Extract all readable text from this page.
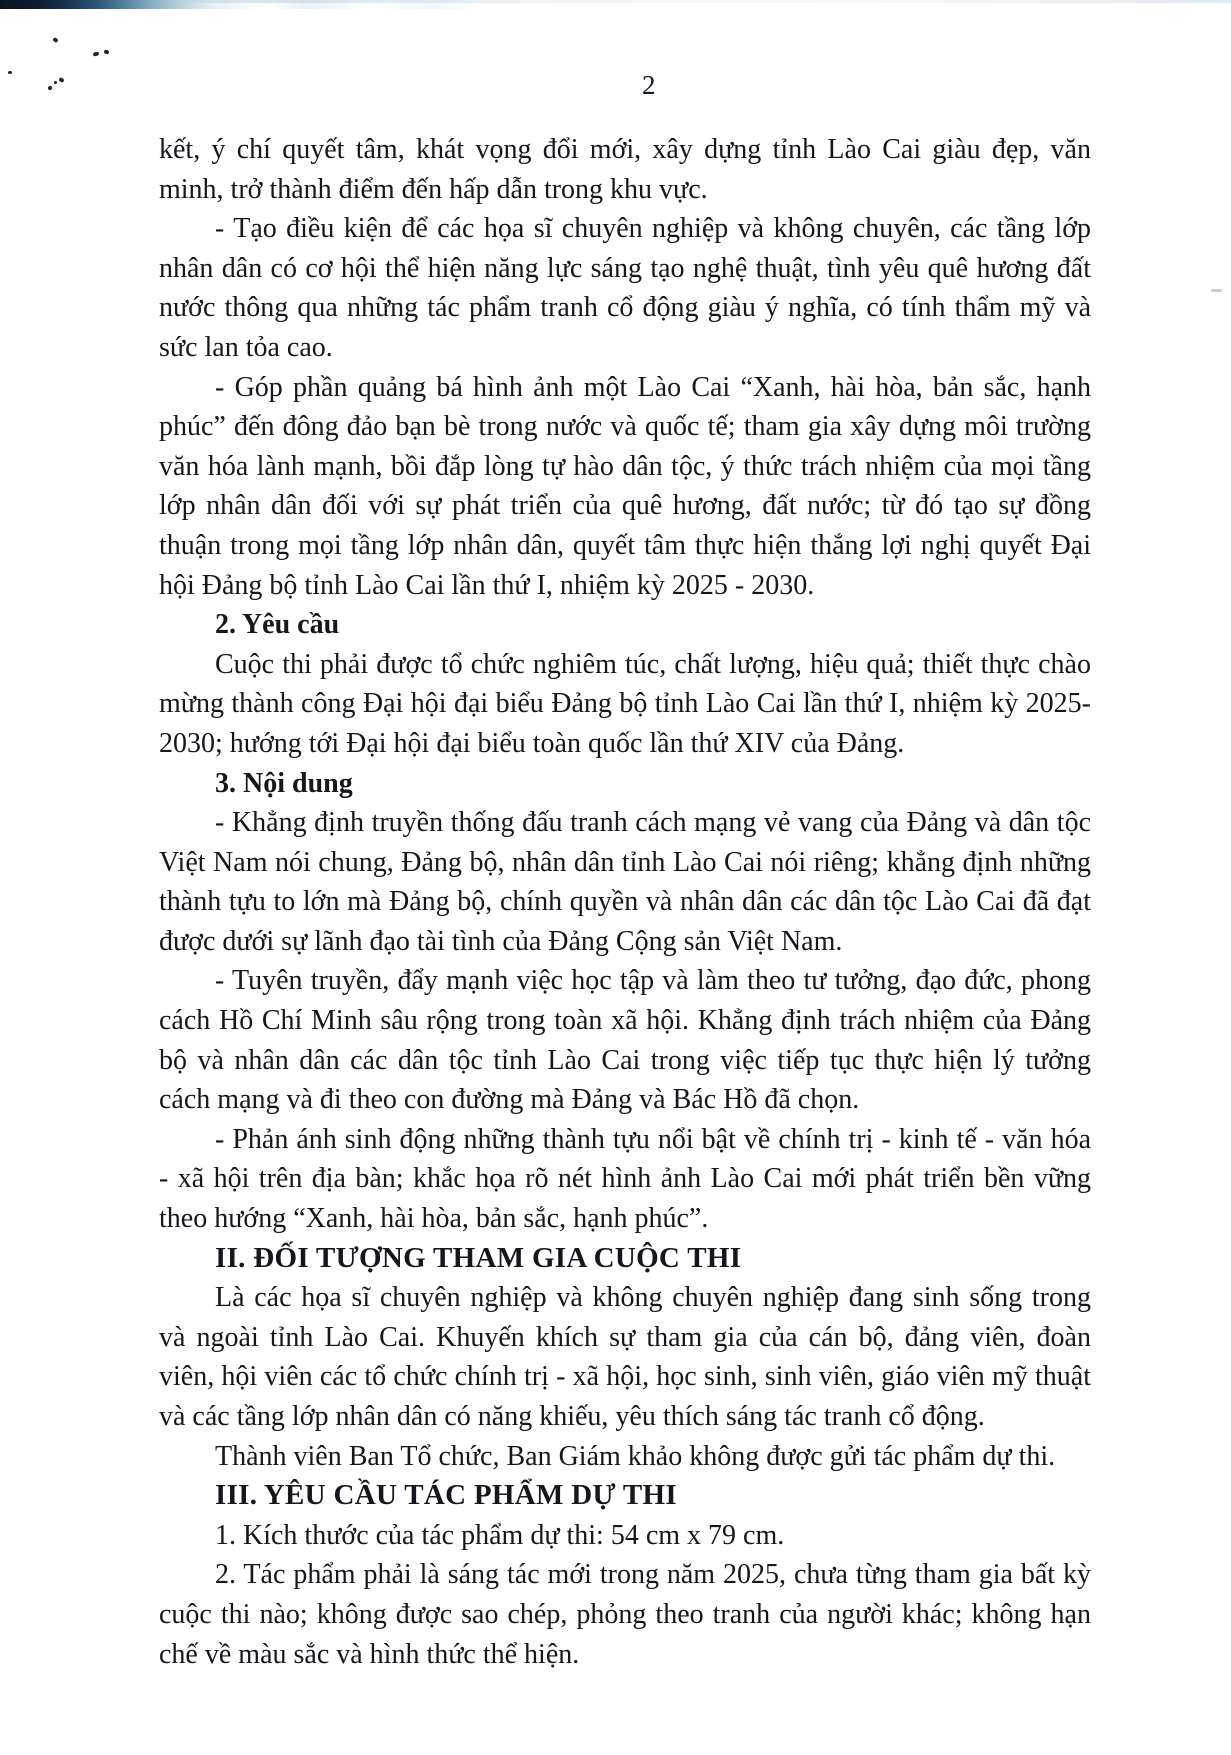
2
kết, ý chí quyết tâm, khát vọng đổi mới, xây dựng tỉnh Lào Cai giàu đẹp, văn
minh, trở thành điểm đến hấp dẫn trong khu vực.
- Tạo điều kiện để các họa sĩ chuyên nghiệp và không chuyên, các tầng lớp
nhân dân có cơ hội thể hiện năng lực sáng tạo nghệ thuật, tình yêu quê hương đất
nước thông qua những tác phẩm tranh cổ động giàu ý nghĩa, có tính thẩm mỹ và
sức lan tỏa cao.
- Góp phần quảng bá hình ảnh một Lào Cai “Xanh, hài hòa, bản sắc, hạnh
phúc” đến đông đảo bạn bè trong nước và quốc tế; tham gia xây dựng môi trường
văn hóa lành mạnh, bồi đắp lòng tự hào dân tộc, ý thức trách nhiệm của mọi tầng
lớp nhân dân đối với sự phát triển của quê hương, đất nước; từ đó tạo sự đồng
thuận trong mọi tầng lớp nhân dân, quyết tâm thực hiện thắng lợi nghị quyết Đại
hội Đảng bộ tỉnh Lào Cai lần thứ I, nhiệm kỳ 2025 - 2030.
2. Yêu cầu
Cuộc thi phải được tổ chức nghiêm túc, chất lượng, hiệu quả; thiết thực chào
mừng thành công Đại hội đại biểu Đảng bộ tỉnh Lào Cai lần thứ I, nhiệm kỳ 2025-
2030; hướng tới Đại hội đại biểu toàn quốc lần thứ XIV của Đảng.
3. Nội dung
- Khẳng định truyền thống đấu tranh cách mạng vẻ vang của Đảng và dân tộc
Việt Nam nói chung, Đảng bộ, nhân dân tỉnh Lào Cai nói riêng; khẳng định những
thành tựu to lớn mà Đảng bộ, chính quyền và nhân dân các dân tộc Lào Cai đã đạt
được dưới sự lãnh đạo tài tình của Đảng Cộng sản Việt Nam.
- Tuyên truyền, đẩy mạnh việc học tập và làm theo tư tưởng, đạo đức, phong
cách Hồ Chí Minh sâu rộng trong toàn xã hội. Khẳng định trách nhiệm của Đảng
bộ và nhân dân các dân tộc tỉnh Lào Cai trong việc tiếp tục thực hiện lý tưởng
cách mạng và đi theo con đường mà Đảng và Bác Hồ đã chọn.
- Phản ánh sinh động những thành tựu nổi bật về chính trị - kinh tế - văn hóa
- xã hội trên địa bàn; khắc họa rõ nét hình ảnh Lào Cai mới phát triển bền vững
theo hướng “Xanh, hài hòa, bản sắc, hạnh phúc”.
II. ĐỐI TƯỢNG THAM GIA CUỘC THI
Là các họa sĩ chuyên nghiệp và không chuyên nghiệp đang sinh sống trong
và ngoài tỉnh Lào Cai. Khuyến khích sự tham gia của cán bộ, đảng viên, đoàn
viên, hội viên các tổ chức chính trị - xã hội, học sinh, sinh viên, giáo viên mỹ thuật
và các tầng lớp nhân dân có năng khiếu, yêu thích sáng tác tranh cổ động.
Thành viên Ban Tổ chức, Ban Giám khảo không được gửi tác phẩm dự thi.
III. YÊU CẦU TÁC PHẨM DỰ THI
1. Kích thước của tác phẩm dự thi: 54 cm x 79 cm.
2. Tác phẩm phải là sáng tác mới trong năm 2025, chưa từng tham gia bất kỳ
cuộc thi nào; không được sao chép, phỏng theo tranh của người khác; không hạn
chế về màu sắc và hình thức thể hiện.
